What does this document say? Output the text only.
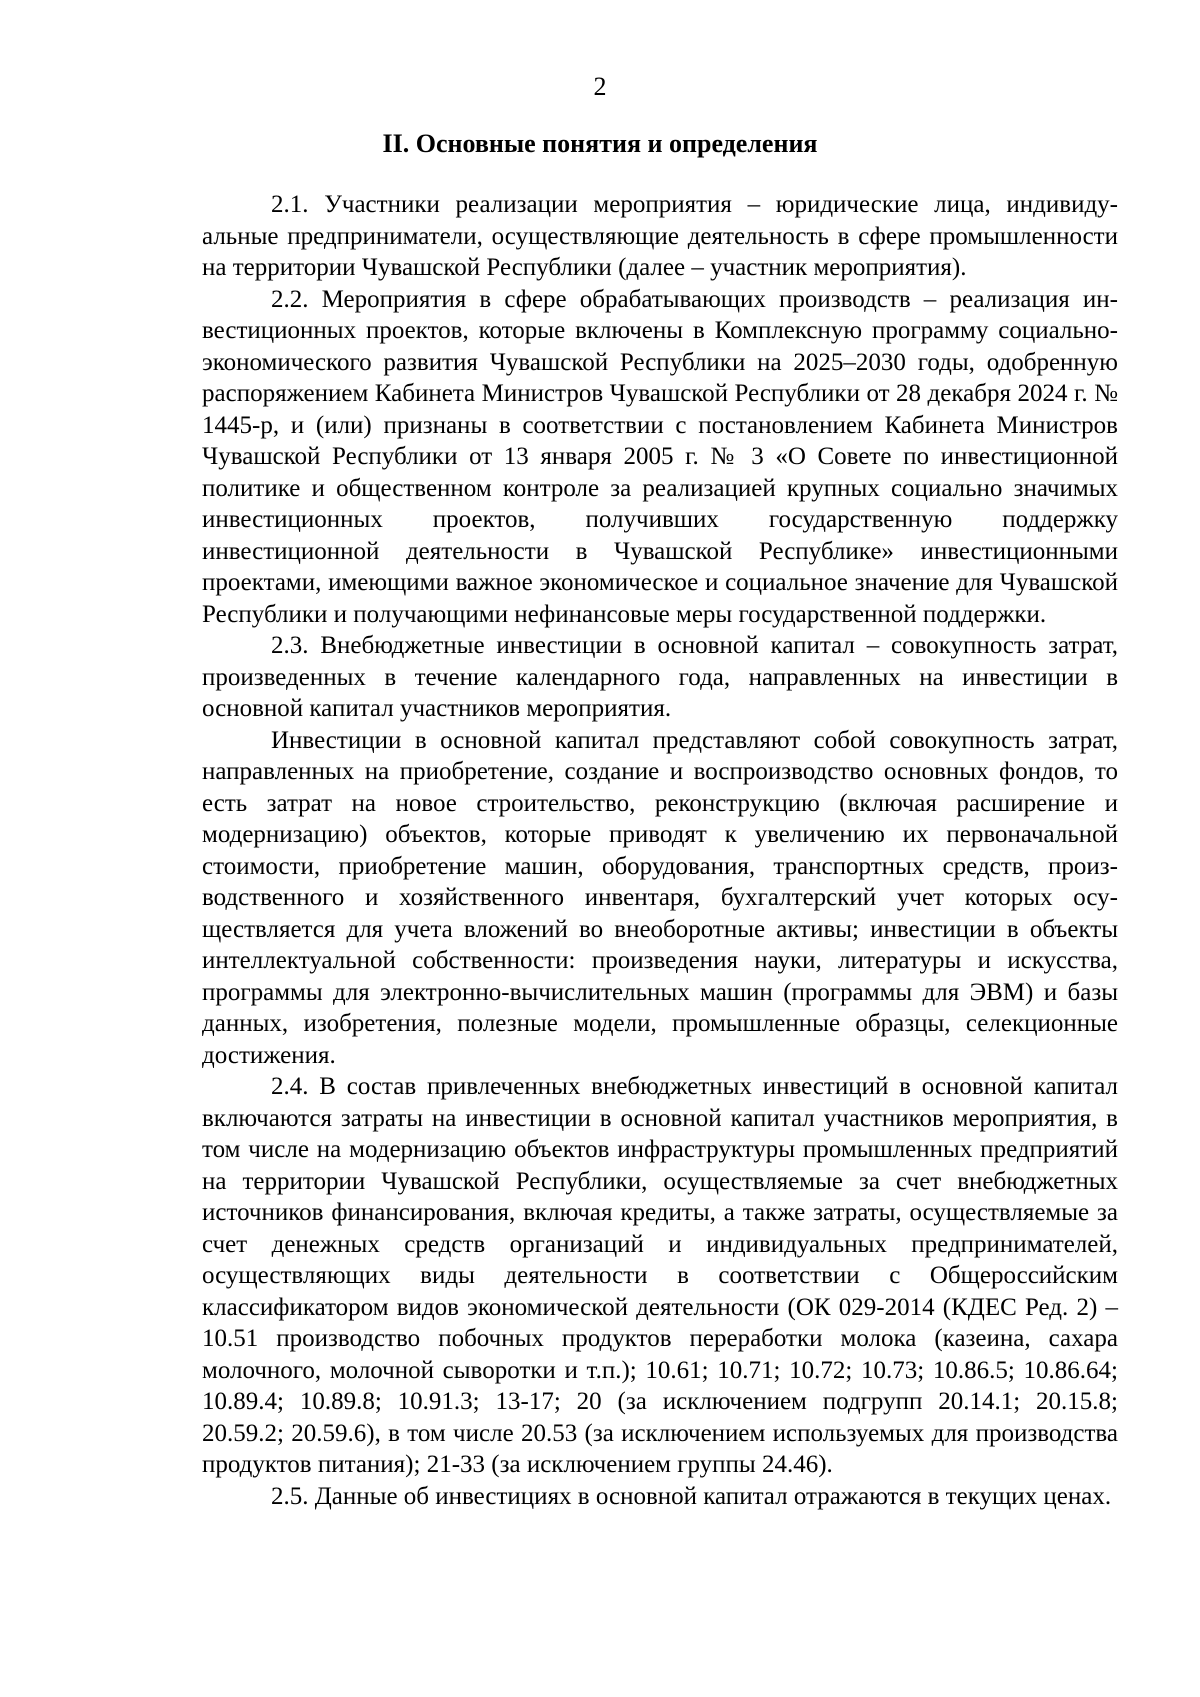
2
II. Основные понятия и определения

2.1. Участники реализации мероприятия – юридические лица, индивидуальные предприниматели, осуществляющие деятельность в сфере промышленности на территории Чувашской Республики (далее – участник мероприятия).

2.2. Мероприятия в сфере обрабатывающих производств – реализация инвестиционных проектов, которые включены в Комплексную программу социально-экономического развития Чувашской Республики на 2025–2030 годы, одобренную распоряжением Кабинета Министров Чувашской Республики от 28 декабря 2024 г. № 1445-р, и (или) признаны в соответствии с постановлением Кабинета Министров Чувашской Республики от 13 января 2005 г. № 3 «О Совете по инвестиционной политике и общественном контроле за реализацией крупных социально значимых инвестиционных проектов, получивших государственную поддержку инвестиционной деятельности в Чувашской Республике» инвестиционными проектами, имеющими важное экономическое и социальное значение для Чувашской Республики и получающими нефинансовые меры государственной поддержки.

2.3. Внебюджетные инвестиции в основной капитал – совокупность затрат, произведенных в течение календарного года, направленных на инвестиции в основной капитал участников мероприятия.

Инвестиции в основной капитал представляют собой совокупность затрат, направленных на приобретение, создание и воспроизводство основных фондов, то есть затрат на новое строительство, реконструкцию (включая расширение и модернизацию) объектов, которые приводят к увеличению их первоначальной стоимости, приобретение машин, оборудования, транспортных средств, производственного и хозяйственного инвентаря, бухгалтерский учет которых осуществляется для учета вложений во внеоборотные активы; инвестиции в объекты интеллектуальной собственности: произведения науки, литературы и искусства, программы для электронно-вычислительных машин (программы для ЭВМ) и базы данных, изобретения, полезные модели, промышленные образцы, селекционные достижения.

2.4. В состав привлеченных внебюджетных инвестиций в основной капитал включаются затраты на инвестиции в основной капитал участников мероприятия, в том числе на модернизацию объектов инфраструктуры промышленных предприятий на территории Чувашской Республики, осуществляемые за счет внебюджетных источников финансирования, включая кредиты, а также затраты, осуществляемые за счет денежных средств организаций и индивидуальных предпринимателей, осуществляющих виды деятельности в соответствии с Общероссийским классификатором видов экономической деятельности (ОК 029-2014 (КДЕС Ред. 2) – 10.51 производство побочных продуктов переработки молока (казеина, сахара молочного, молочной сыворотки и т.п.); 10.61; 10.71; 10.72; 10.73; 10.86.5; 10.86.64; 10.89.4; 10.89.8; 10.91.3; 13-17; 20 (за исключением подгрупп 20.14.1; 20.15.8; 20.59.2; 20.59.6), в том числе 20.53 (за исключением используемых для производства продуктов питания); 21-33 (за исключением группы 24.46).

2.5. Данные об инвестициях в основной капитал отражаются в текущих ценах.
